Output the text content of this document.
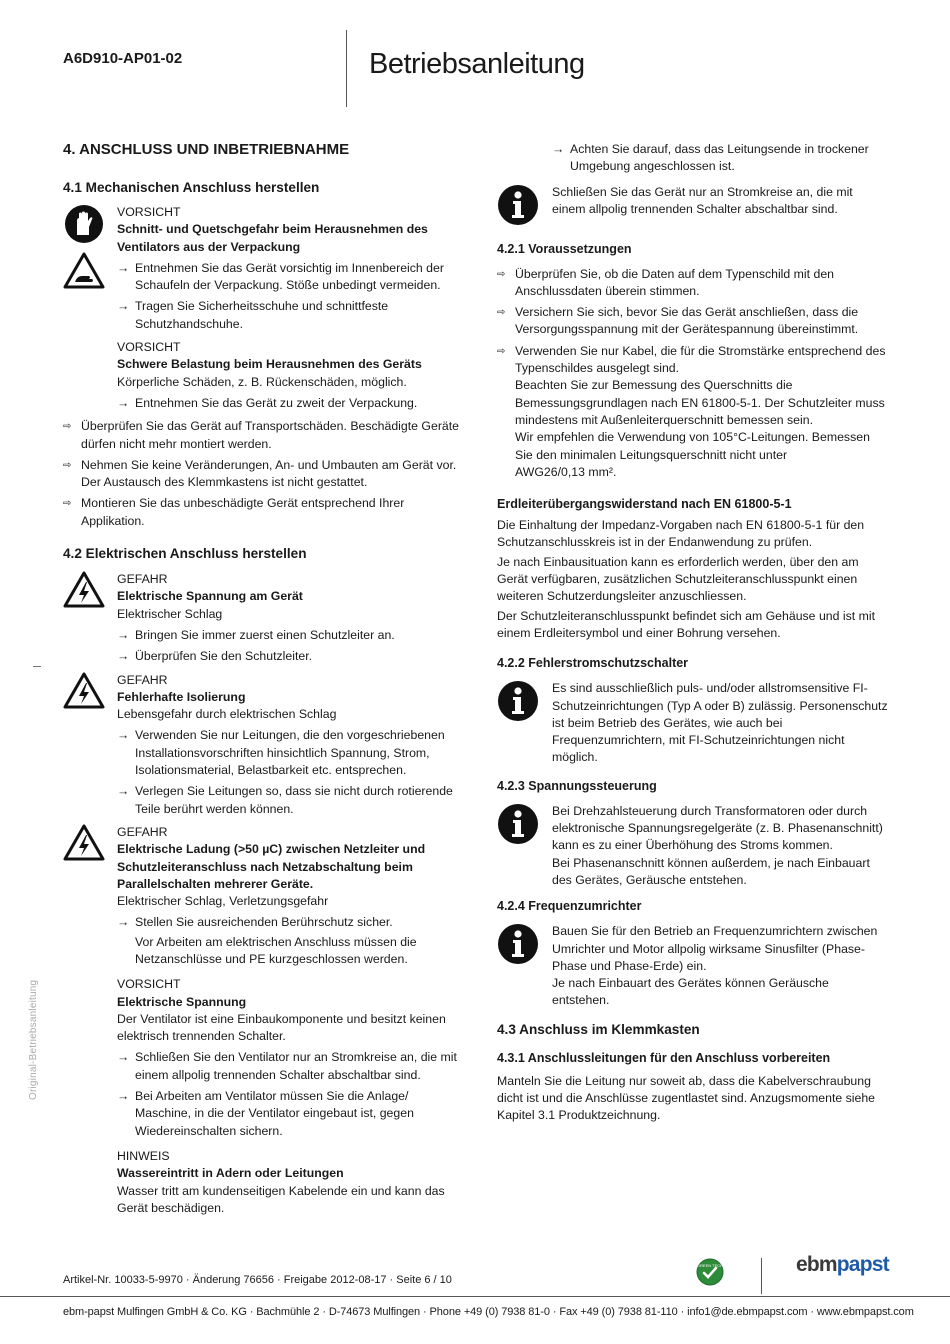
A6D910-AP01-02	Betriebsanleitung
Original-Betriebsanleitung
4. ANSCHLUSS UND INBETRIEBNAHME
4.1 Mechanischen Anschluss herstellen
VORSICHT
Schnitt- und Quetschgefahr beim Herausnehmen des Ventilators aus der Verpackung
→ Entnehmen Sie das Gerät vorsichtig im Innenbereich der Schaufeln der Verpackung. Stöße unbedingt vermeiden.
→ Tragen Sie Sicherheitsschuhe und schnittfeste Schutzhandschuhe.
VORSICHT
Schwere Belastung beim Herausnehmen des Geräts
Körperliche Schäden, z. B. Rückenschäden, möglich.
→ Entnehmen Sie das Gerät zu zweit der Verpackung.
⇨ Überprüfen Sie das Gerät auf Transportschäden. Beschädigte Geräte dürfen nicht mehr montiert werden.
⇨ Nehmen Sie keine Veränderungen, An- und Umbauten am Gerät vor. Der Austausch des Klemmkastens ist nicht gestattet.
⇨ Montieren Sie das unbeschädigte Gerät entsprechend Ihrer Applikation.
4.2 Elektrischen Anschluss herstellen
GEFAHR
Elektrische Spannung am Gerät
Elektrischer Schlag
→ Bringen Sie immer zuerst einen Schutzleiter an.
→ Überprüfen Sie den Schutzleiter.
GEFAHR
Fehlerhafte Isolierung
Lebensgefahr durch elektrischen Schlag
→ Verwenden Sie nur Leitungen, die den vorgeschriebenen Installationsvorschriften hinsichtlich Spannung, Strom, Isolationsmaterial, Belastbarkeit etc. entsprechen.
→ Verlegen Sie Leitungen so, dass sie nicht durch rotierende Teile berührt werden können.
GEFAHR
Elektrische Ladung (>50 µC) zwischen Netzleiter und Schutzleiteranschluss nach Netzabschaltung beim Parallelschalten mehrerer Geräte.
Elektrischer Schlag, Verletzungsgefahr
→ Stellen Sie ausreichenden Berührschutz sicher.
Vor Arbeiten am elektrischen Anschluss müssen die Netzanschlüsse und PE kurzgeschlossen werden.
VORSICHT
Elektrische Spannung
Der Ventilator ist eine Einbaukomponente und besitzt keinen elektrisch trennenden Schalter.
→ Schließen Sie den Ventilator nur an Stromkreise an, die mit einem allpolig trennenden Schalter abschaltbar sind.
→ Bei Arbeiten am Ventilator müssen Sie die Anlage/ Maschine, in die der Ventilator eingebaut ist, gegen Wiedereinschalten sichern.
HINWEIS
Wassereintritt in Adern oder Leitungen
Wasser tritt am kundenseitigen Kabelende ein und kann das Gerät beschädigen.
→ Achten Sie darauf, dass das Leitungsende in trockener Umgebung angeschlossen ist.
Schließen Sie das Gerät nur an Stromkreise an, die mit einem allpolig trennenden Schalter abschaltbar sind.
4.2.1 Voraussetzungen
⇨ Überprüfen Sie, ob die Daten auf dem Typenschild mit den Anschlussdaten überein stimmen.
⇨ Versichern Sie sich, bevor Sie das Gerät anschließen, dass die Versorgungsspannung mit der Gerätespannung übereinstimmt.
⇨ Verwenden Sie nur Kabel, die für die Stromstärke entsprechend des Typenschildes ausgelegt sind.
Beachten Sie zur Bemessung des Querschnitts die Bemessungsgrundlagen nach EN 61800-5-1. Der Schutzleiter muss mindestens mit Außenleiterquerschnitt bemessen sein.
Wir empfehlen die Verwendung von 105°C-Leitungen. Bemessen Sie den minimalen Leitungsquerschnitt nicht unter
AWG26/0,13 mm².
Erdleiterübergangswiderstand nach EN 61800-5-1
Die Einhaltung der Impedanz-Vorgaben nach EN 61800-5-1 für den Schutzanschlusskreis ist in der Endanwendung zu prüfen.
Je nach Einbausituation kann es erforderlich werden, über den am Gerät verfügbaren, zusätzlichen Schutzleiteranschlusspunkt einen weiteren Schutzerdungsleiter anzuschliessen.
Der Schutzleiteranschlusspunkt befindet sich am Gehäuse und ist mit einem Erdleitersymbol und einer Bohrung versehen.
4.2.2 Fehlerstromschutzschalter
Es sind ausschließlich puls- und/oder allstromsensitive FI-Schutzeinrichtungen (Typ A oder B) zulässig. Personenschutz ist beim Betrieb des Gerätes, wie auch bei Frequenzumrichtern, mit FI-Schutzeinrichtungen nicht möglich.
4.2.3 Spannungssteuerung
Bei Drehzahlsteuerung durch Transformatoren oder durch elektronische Spannungsregelgeräte (z. B. Phasenanschnitt) kann es zu einer Überhöhung des Stroms kommen.
Bei Phasenanschnitt können außerdem, je nach Einbauart des Gerätes, Geräusche entstehen.
4.2.4 Frequenzumrichter
Bauen Sie für den Betrieb an Frequenzumrichtern zwischen Umrichter und Motor allpolig wirksame Sinusfilter (Phase-Phase und Phase-Erde) ein.
Je nach Einbauart des Gerätes können Geräusche entstehen.
4.3 Anschluss im Klemmkasten
4.3.1 Anschlussleitungen für den Anschluss vorbereiten
Manteln Sie die Leitung nur soweit ab, dass die Kabelverschraubung dicht ist und die Anschlüsse zugentlastet sind. Anzugsmomente siehe Kapitel 3.1 Produktzeichnung.
Artikel-Nr. 10033-5-9970 · Änderung 76656 · Freigabe 2012-08-17 · Seite 6 / 10
GREEN TECH	ebmpapst
ebm-papst Mulfingen GmbH & Co. KG · Bachmühle 2 · D-74673 Mulfingen · Phone +49 (0) 7938 81-0 · Fax +49 (0) 7938 81-110 · info1@de.ebmpapst.com · www.ebmpapst.com
